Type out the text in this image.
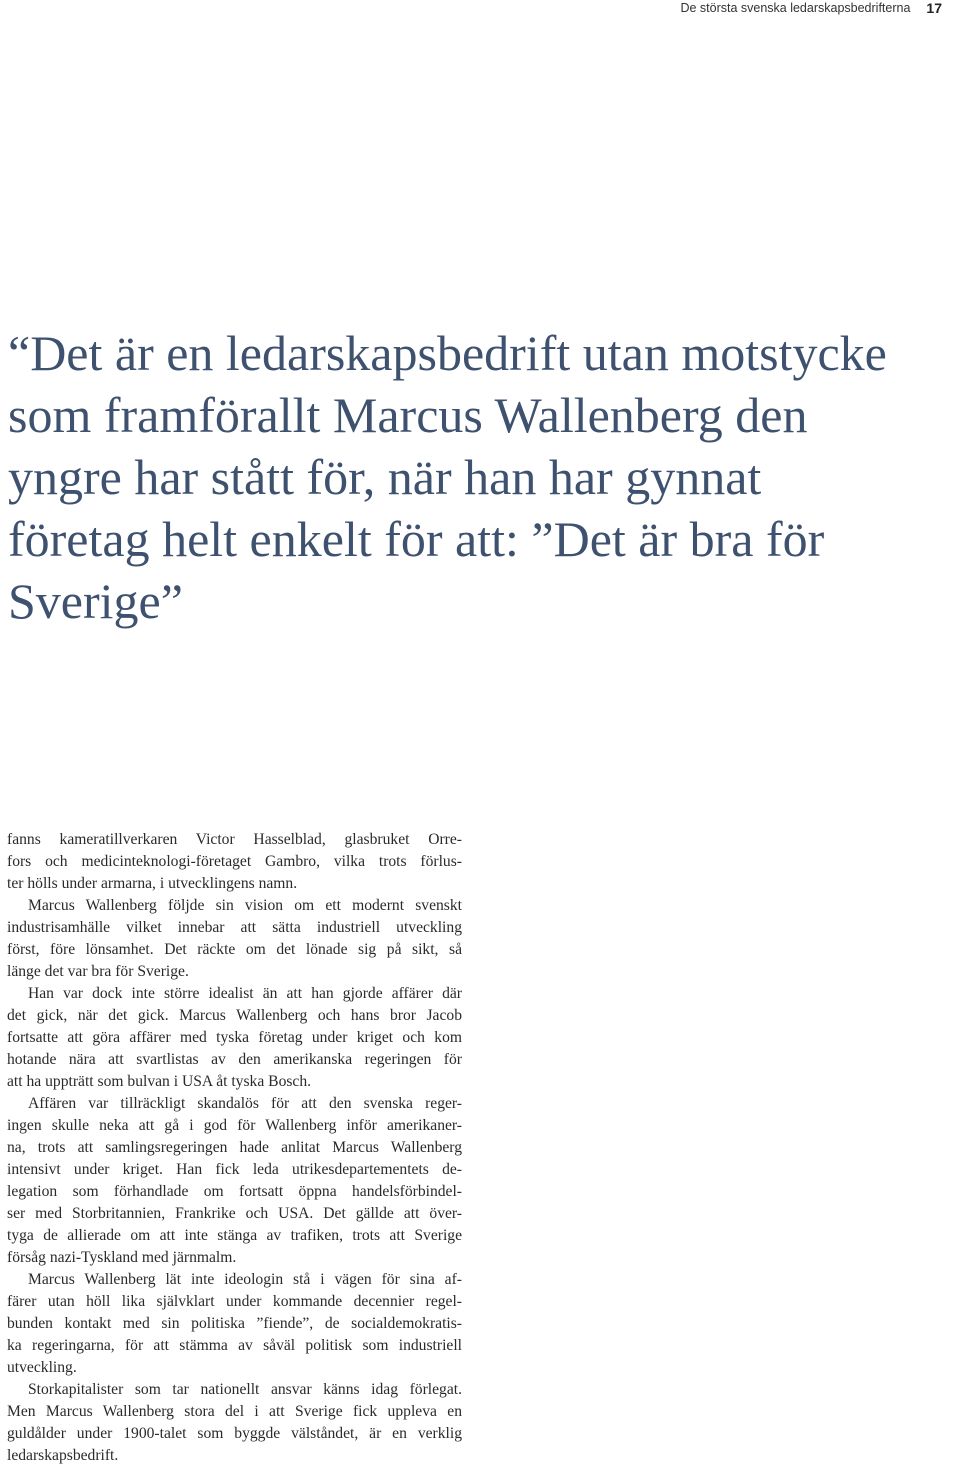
De största svenska ledarskapsbedrifterna 17
“Det är en ledarskapsbedrift utan motstycke
som framförallt Marcus Wallenberg den
yngre har stått för, när han har gynnat
företag helt enkelt för att: ”Det är bra för
Sverige”
fanns kameratillverkaren Victor Hasselblad, glasbruket Orre-
fors och medicinteknologi-företaget Gambro, vilka trots förlus-
ter hölls under armarna, i utvecklingens namn.
Marcus Wallenberg följde sin vision om ett modernt svenskt
industrisamhälle vilket innebar att sätta industriell utveckling
först, före lönsamhet. Det räckte om det lönade sig på sikt, så
länge det var bra för Sverige.
Han var dock inte större idealist än att han gjorde affärer där
det gick, när det gick. Marcus Wallenberg och hans bror Jacob
fortsatte att göra affärer med tyska företag under kriget och kom
hotande nära att svartlistas av den amerikanska regeringen för
att ha uppträtt som bulvan i USA åt tyska Bosch.
Affären var tillräckligt skandalös för att den svenska reger-
ingen skulle neka att gå i god för Wallenberg inför amerikaner-
na, trots att samlingsregeringen hade anlitat Marcus Wallenberg
intensivt under kriget. Han fick leda utrikesdepartementets de-
legation som förhandlade om fortsatt öppna handelsförbindel-
ser med Storbritannien, Frankrike och USA. Det gällde att över-
tyga de allierade om att inte stänga av trafiken, trots att Sverige
försåg nazi-Tyskland med järnmalm.
Marcus Wallenberg lät inte ideologin stå i vägen för sina af-
färer utan höll lika självklart under kommande decennier regel-
bunden kontakt med sin politiska ”fiende”, de socialdemokratis-
ka regeringarna, för att stämma av såväl politisk som industriell
utveckling.
Storkapitalister som tar nationellt ansvar känns idag förlegat.
Men Marcus Wallenberg stora del i att Sverige fick uppleva en
guldålder under 1900-talet som byggde välståndet, är en verklig
ledarskapsbedrift.
